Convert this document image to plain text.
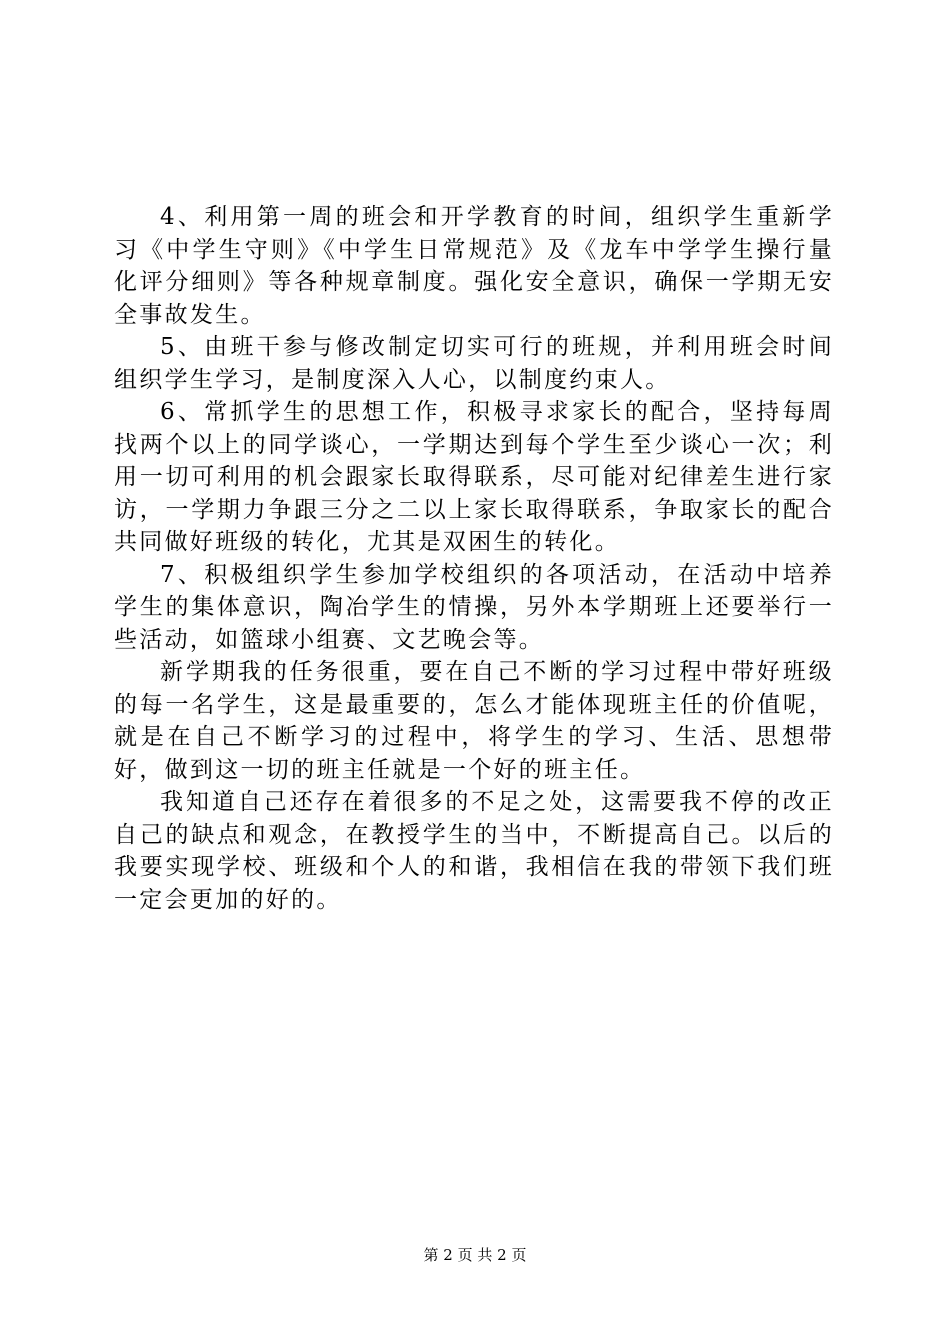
4、利用第一周的班会和开学教育的时间，组织学生重新学习《中学生守则》《中学生日常规范》及《龙车中学学生操行量化评分细则》等各种规章制度。强化安全意识，确保一学期无安全事故发生。

5、由班干参与修改制定切实可行的班规，并利用班会时间组织学生学习，是制度深入人心，以制度约束人。

6、常抓学生的思想工作，积极寻求家长的配合，坚持每周找两个以上的同学谈心，一学期达到每个学生至少谈心一次；利用一切可利用的机会跟家长取得联系，尽可能对纪律差生进行家访，一学期力争跟三分之二以上家长取得联系，争取家长的配合共同做好班级的转化，尤其是双困生的转化。

7、积极组织学生参加学校组织的各项活动，在活动中培养学生的集体意识，陶冶学生的情操，另外本学期班上还要举行一些活动，如篮球小组赛、文艺晚会等。

新学期我的任务很重，要在自己不断的学习过程中带好班级的每一名学生，这是最重要的，怎么才能体现班主任的价值呢，就是在自己不断学习的过程中，将学生的学习、生活、思想带好，做到这一切的班主任就是一个好的班主任。

我知道自己还存在着很多的不足之处，这需要我不停的改正自己的缺点和观念，在教授学生的当中，不断提高自己。以后的我要实现学校、班级和个人的和谐，我相信在我的带领下我们班一定会更加的好的。

第 2 页 共 2 页
